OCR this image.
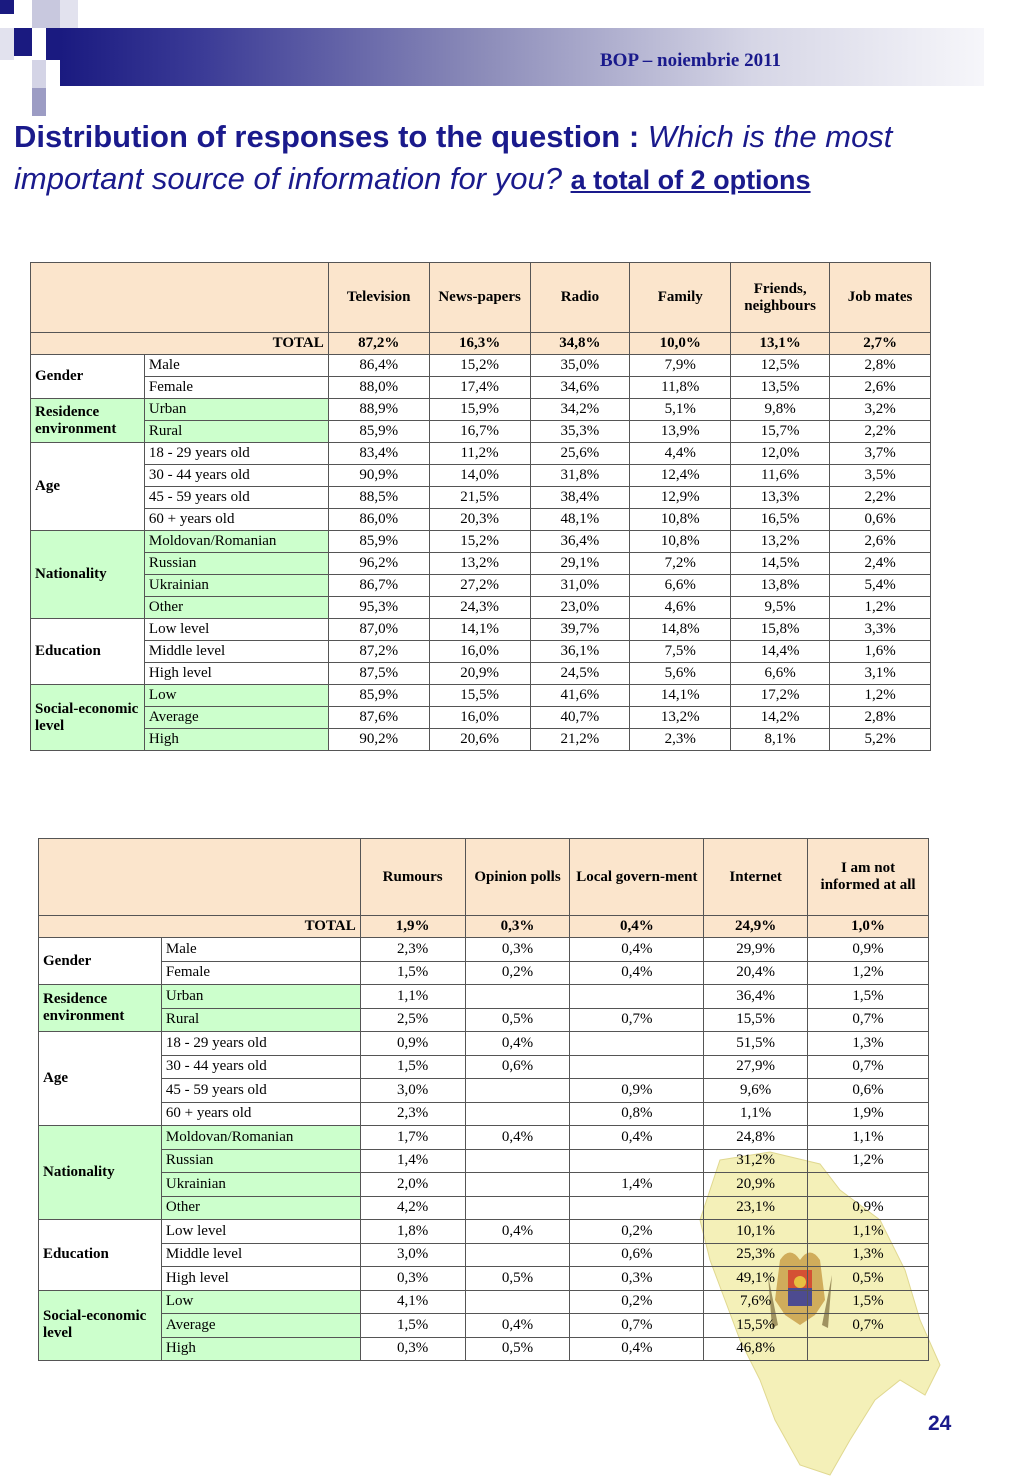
BOP – noiembrie 2011
Distribution of responses to the question : Which is the most important source of information for you? a total of 2 options
		Television	News-papers	Radio	Family	Friends, neighbours	Job mates
TOTAL		87,2%	16,3%	34,8%	10,0%	13,1%	2,7%
Gender	Male	86,4%	15,2%	35,0%	7,9%	12,5%	2,8%
	Female	88,0%	17,4%	34,6%	11,8%	13,5%	2,6%
Residence environment	Urban	88,9%	15,9%	34,2%	5,1%	9,8%	3,2%
	Rural	85,9%	16,7%	35,3%	13,9%	15,7%	2,2%
Age	18 - 29 years old	83,4%	11,2%	25,6%	4,4%	12,0%	3,7%
	30 - 44 years old	90,9%	14,0%	31,8%	12,4%	11,6%	3,5%
	45 - 59 years old	88,5%	21,5%	38,4%	12,9%	13,3%	2,2%
	60 + years old	86,0%	20,3%	48,1%	10,8%	16,5%	0,6%
Nationality	Moldovan/Romanian	85,9%	15,2%	36,4%	10,8%	13,2%	2,6%
	Russian	96,2%	13,2%	29,1%	7,2%	14,5%	2,4%
	Ukrainian	86,7%	27,2%	31,0%	6,6%	13,8%	5,4%
	Other	95,3%	24,3%	23,0%	4,6%	9,5%	1,2%
Education	Low level	87,0%	14,1%	39,7%	14,8%	15,8%	3,3%
	Middle level	87,2%	16,0%	36,1%	7,5%	14,4%	1,6%
	High level	87,5%	20,9%	24,5%	5,6%	6,6%	3,1%
Social-economic level	Low	85,9%	15,5%	41,6%	14,1%	17,2%	1,2%
	Average	87,6%	16,0%	40,7%	13,2%	14,2%	2,8%
	High	90,2%	20,6%	21,2%	2,3%	8,1%	5,2%
		Rumours	Opinion polls	Local govern-ment	Internet	I am not informed at all
TOTAL		1,9%	0,3%	0,4%	24,9%	1,0%
Gender	Male	2,3%	0,3%	0,4%	29,9%	0,9%
	Female	1,5%	0,2%	0,4%	20,4%	1,2%
Residence environment	Urban	1,1%			36,4%	1,5%
	Rural	2,5%	0,5%	0,7%	15,5%	0,7%
Age	18 - 29 years old	0,9%	0,4%		51,5%	1,3%
	30 - 44 years old	1,5%	0,6%		27,9%	0,7%
	45 - 59 years old	3,0%		0,9%	9,6%	0,6%
	60 + years old	2,3%		0,8%	1,1%	1,9%
Nationality	Moldovan/Romanian	1,7%	0,4%	0,4%	24,8%	1,1%
	Russian	1,4%			31,2%	1,2%
	Ukrainian	2,0%		1,4%	20,9%	
	Other	4,2%			23,1%	0,9%
Education	Low level	1,8%	0,4%	0,2%	10,1%	1,1%
	Middle level	3,0%		0,6%	25,3%	1,3%
	High level	0,3%	0,5%	0,3%	49,1%	0,5%
Social-economic level	Low	4,1%		0,2%	7,6%	1,5%
	Average	1,5%	0,4%	0,7%	15,5%	0,7%
	High	0,3%	0,5%	0,4%	46,8%	
24
